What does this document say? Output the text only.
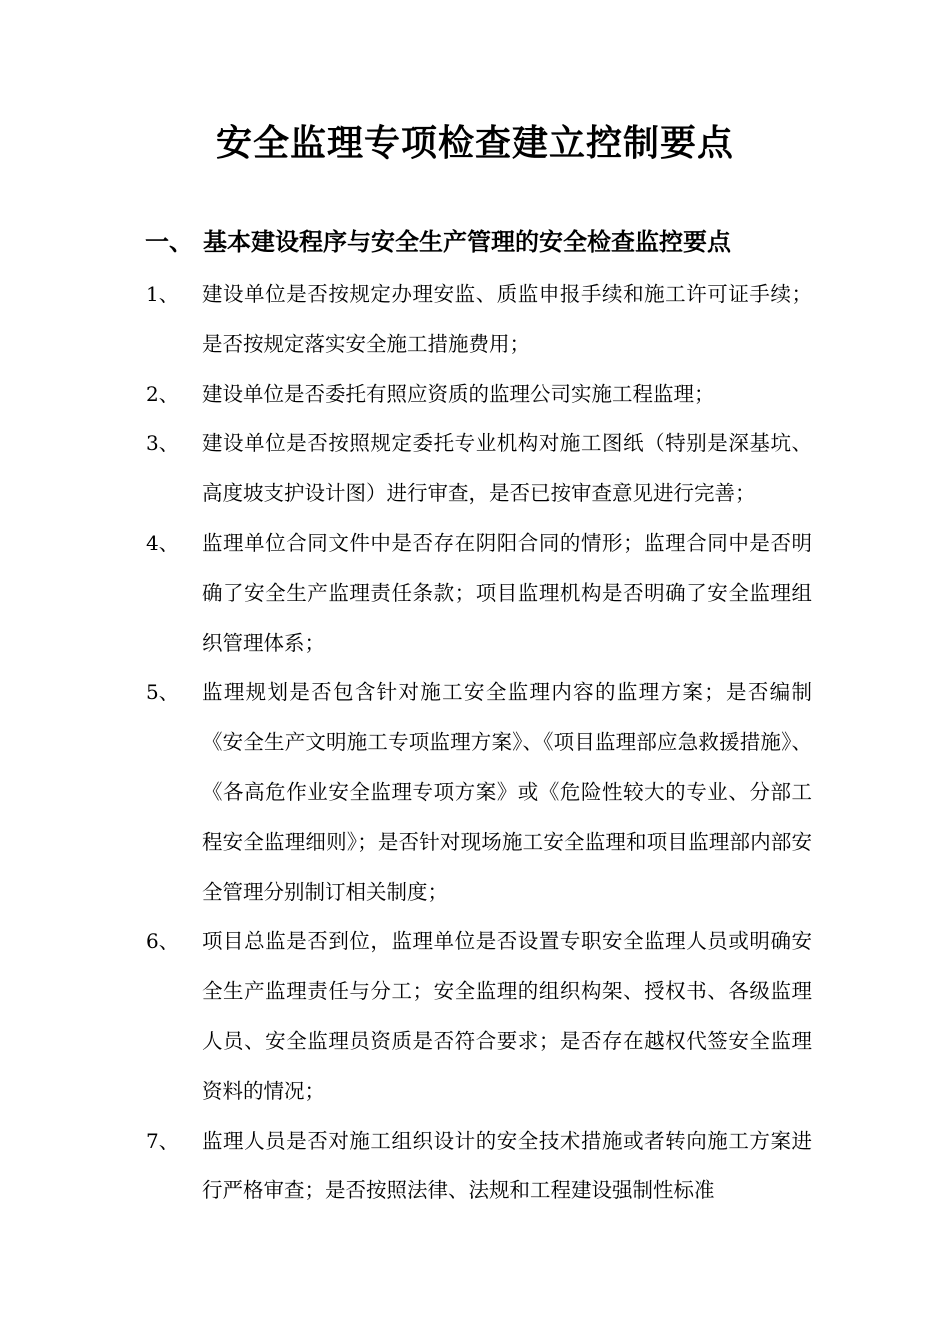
安全监理专项检查建立控制要点
一、 基本建设程序与安全生产管理的安全检查监控要点
1、	建设单位是否按规定办理安监、质监申报手续和施工许可证手续；是否按规定落实安全施工措施费用；
2、	建设单位是否委托有照应资质的监理公司实施工程监理；
3、	建设单位是否按照规定委托专业机构对施工图纸（特别是深基坑、高度坡支护设计图）进行审查，是否已按审查意见进行完善；
4、	监理单位合同文件中是否存在阴阳合同的情形；监理合同中是否明确了安全生产监理责任条款；项目监理机构是否明确了安全监理组织管理体系；
5、	监理规划是否包含针对施工安全监理内容的监理方案；是否编制《安全生产文明施工专项监理方案》、《项目监理部应急救援措施》、《各高危作业安全监理专项方案》或《危险性较大的专业、分部工程安全监理细则》；是否针对现场施工安全监理和项目监理部内部安全管理分别制订相关制度；
6、	项目总监是否到位，监理单位是否设置专职安全监理人员或明确安全生产监理责任与分工；安全监理的组织构架、授权书、各级监理人员、安全监理员资质是否符合要求；是否存在越权代签安全监理资料的情况；
7、	监理人员是否对施工组织设计的安全技术措施或者转向施工方案进行严格审查；是否按照法律、法规和工程建设强制性标准
